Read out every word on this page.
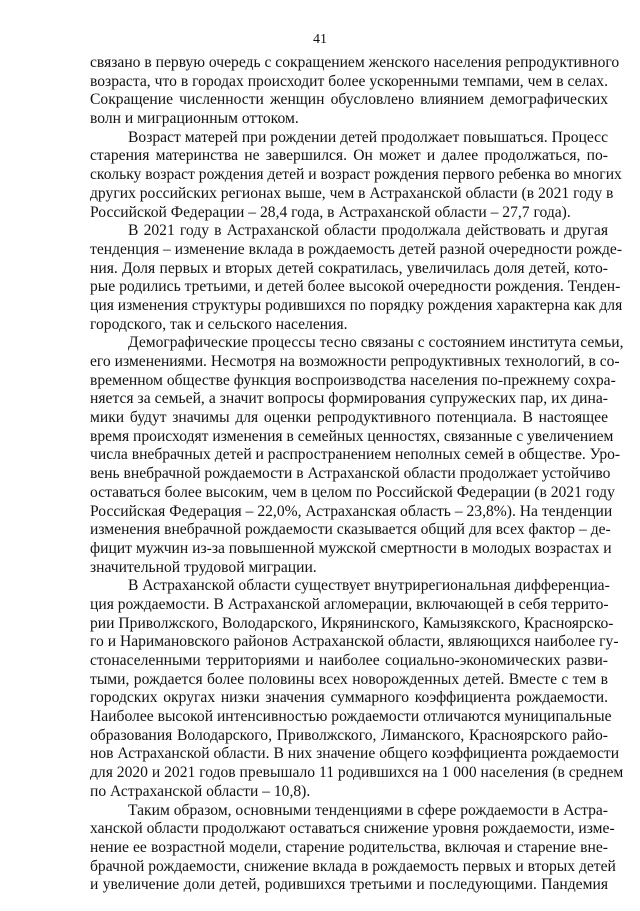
41
связано в первую очередь с сокращением женского населения репродуктивного
возраста, что в городах происходит более ускоренными темпами, чем в селах.
Сокращение численности женщин обусловлено влиянием демографических
волн и миграционным оттоком.
Возраст матерей при рождении детей продолжает повышаться. Процесс
старения материнства не завершился. Он может и далее продолжаться, по-
скольку возраст рождения детей и возраст рождения первого ребенка во многих
других российских регионах выше, чем в Астраханской области (в 2021 году в
Российской Федерации – 28,4 года, в Астраханской области – 27,7 года).
В 2021 году в Астраханской области продолжала действовать и другая
тенденция – изменение вклада в рождаемость детей разной очередности рожде-
ния. Доля первых и вторых детей сократилась, увеличилась доля детей, кото-
рые родились третьими, и детей более высокой очередности рождения. Тенден-
ция изменения структуры родившихся по порядку рождения характерна как для
городского, так и сельского населения.
Демографические процессы тесно связаны с состоянием института семьи,
его изменениями. Несмотря на возможности репродуктивных технологий, в со-
временном обществе функция воспроизводства населения по-прежнему сохра-
няется за семьей, а значит вопросы формирования супружеских пар, их дина-
мики будут значимы для оценки репродуктивного потенциала. В настоящее
время происходят изменения в семейных ценностях, связанные с увеличением
числа внебрачных детей и распространением неполных семей в обществе. Уро-
вень внебрачной рождаемости в Астраханской области продолжает устойчиво
оставаться более высоким, чем в целом по Российской Федерации (в 2021 году
Российская Федерация – 22,0%, Астраханская область – 23,8%). На тенденции
изменения внебрачной рождаемости сказывается общий для всех фактор – де-
фицит мужчин из-за повышенной мужской смертности в молодых возрастах и
значительной трудовой миграции.
В Астраханской области существует внутрирегиональная дифференциа-
ция рождаемости. В Астраханской агломерации, включающей в себя террито-
рии Приволжского, Володарского, Икрянинского, Камызякского, Красноярско-
го и Наримановского районов Астраханской области, являющихся наиболее гу-
стонаселенными территориями и наиболее социально-экономических разви-
тыми, рождается более половины всех новорожденных детей. Вместе с тем в
городских округах низки значения суммарного коэффициента рождаемости.
Наиболее высокой интенсивностью рождаемости отличаются муниципальные
образования Володарского, Приволжского, Лиманского, Красноярского райо-
нов Астраханской области. В них значение общего коэффициента рождаемости
для 2020 и 2021 годов превышало 11 родившихся на 1 000 населения (в среднем
по Астраханской области – 10,8).
Таким образом, основными тенденциями в сфере рождаемости в Астра-
ханской области продолжают оставаться снижение уровня рождаемости, изме-
нение ее возрастной модели, старение родительства, включая и старение вне-
брачной рождаемости, снижение вклада в рождаемость первых и вторых детей
и увеличение доли детей, родившихся третьими и последующими. Пандемия
